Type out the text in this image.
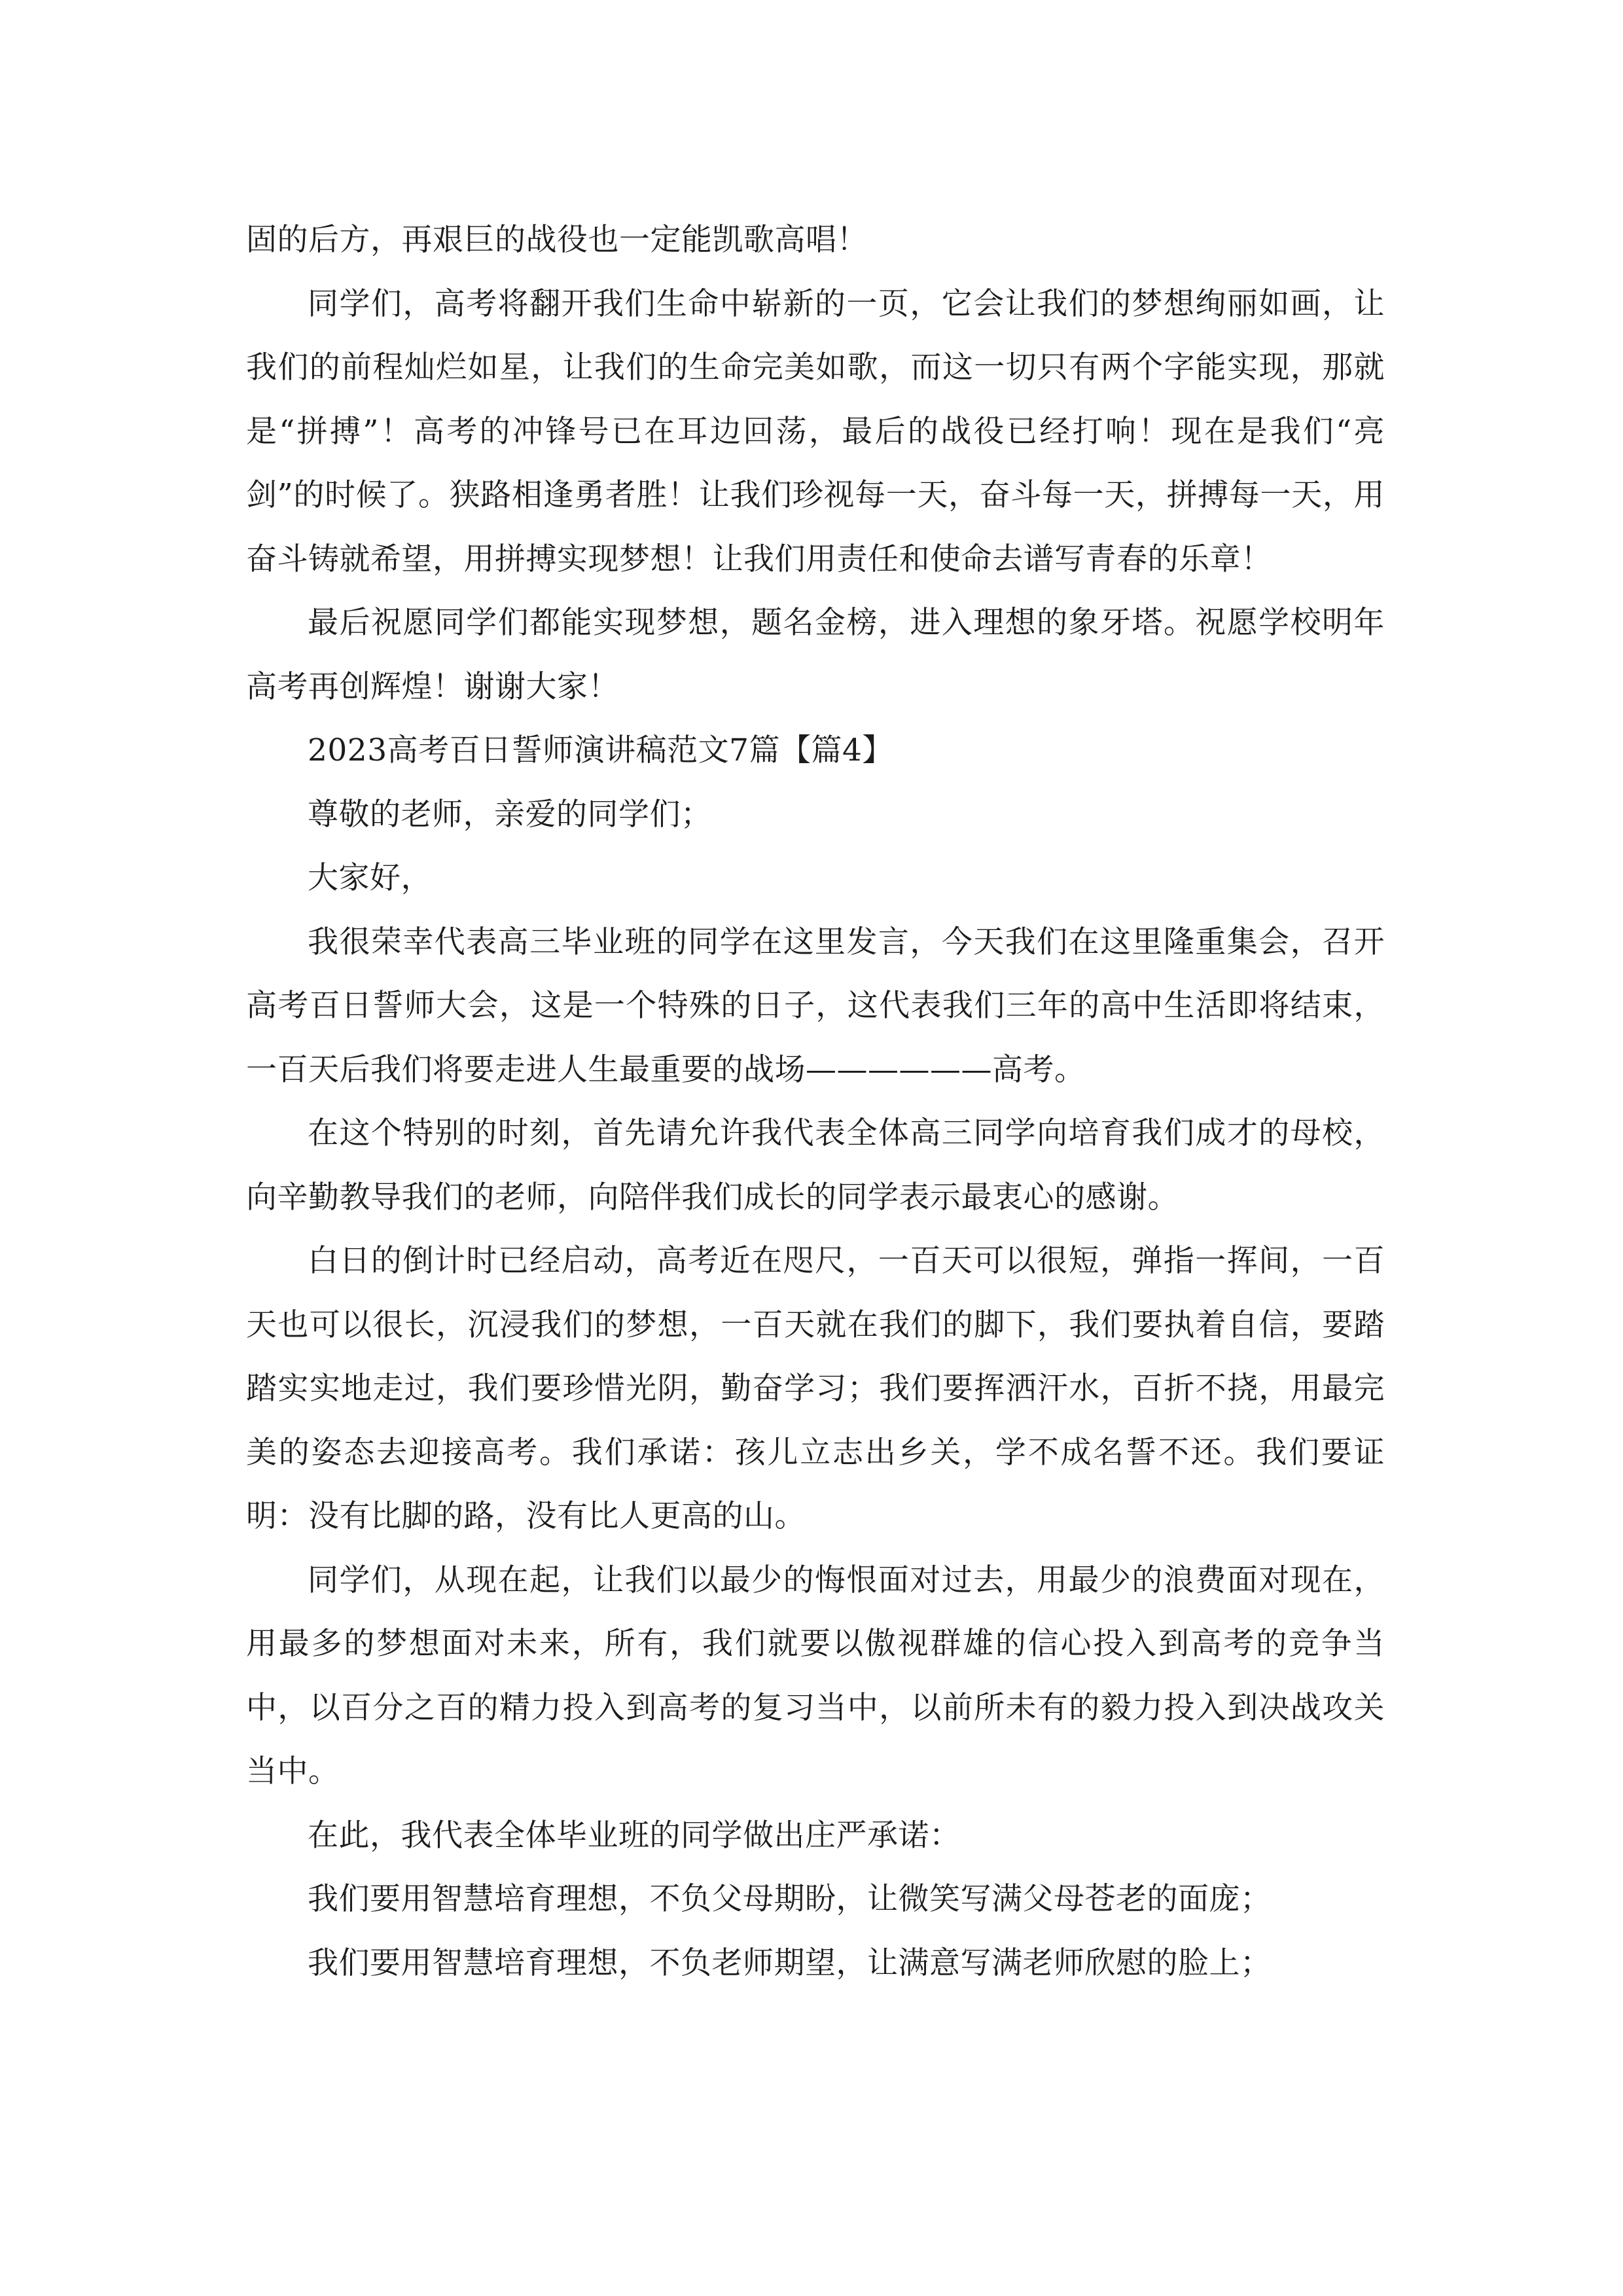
固的后方，再艰巨的战役也一定能凯歌高唱！

同学们，高考将翻开我们生命中崭新的一页，它会让我们的梦想绚丽如画，让我们的前程灿烂如星，让我们的生命完美如歌，而这一切只有两个字能实现，那就是“拼搏”！高考的冲锋号已在耳边回荡，最后的战役已经打响！现在是我们“亮剑”的时候了。狭路相逢勇者胜！让我们珍视每一天，奋斗每一天，拼搏每一天，用奋斗铸就希望，用拼搏实现梦想！让我们用责任和使命去谱写青春的乐章！

最后祝愿同学们都能实现梦想，题名金榜，进入理想的象牙塔。祝愿学校明年高考再创辉煌！谢谢大家！

2023高考百日誓师演讲稿范文7篇【篇4】

尊敬的老师，亲爱的同学们；

大家好，

我很荣幸代表高三毕业班的同学在这里发言，今天我们在这里隆重集会，召开高考百日誓师大会，这是一个特殊的日子，这代表我们三年的高中生活即将结束，一百天后我们将要走进人生最重要的战场——————高考。

在这个特别的时刻，首先请允许我代表全体高三同学向培育我们成才的母校，向辛勤教导我们的老师，向陪伴我们成长的同学表示最衷心的感谢。

白日的倒计时已经启动，高考近在咫尺，一百天可以很短，弹指一挥间，一百天也可以很长，沉浸我们的梦想，一百天就在我们的脚下，我们要执着自信，要踏踏实实地走过，我们要珍惜光阴，勤奋学习；我们要挥洒汗水，百折不挠，用最完美的姿态去迎接高考。我们承诺：孩儿立志出乡关，学不成名誓不还。我们要证明：没有比脚的路，没有比人更高的山。

同学们，从现在起，让我们以最少的悔恨面对过去，用最少的浪费面对现在，用最多的梦想面对未来，所有，我们就要以傲视群雄的信心投入到高考的竞争当中，以百分之百的精力投入到高考的复习当中，以前所未有的毅力投入到决战攻关当中。

在此，我代表全体毕业班的同学做出庄严承诺：

我们要用智慧培育理想，不负父母期盼，让微笑写满父母苍老的面庞；

我们要用智慧培育理想，不负老师期望，让满意写满老师欣慰的脸上；
